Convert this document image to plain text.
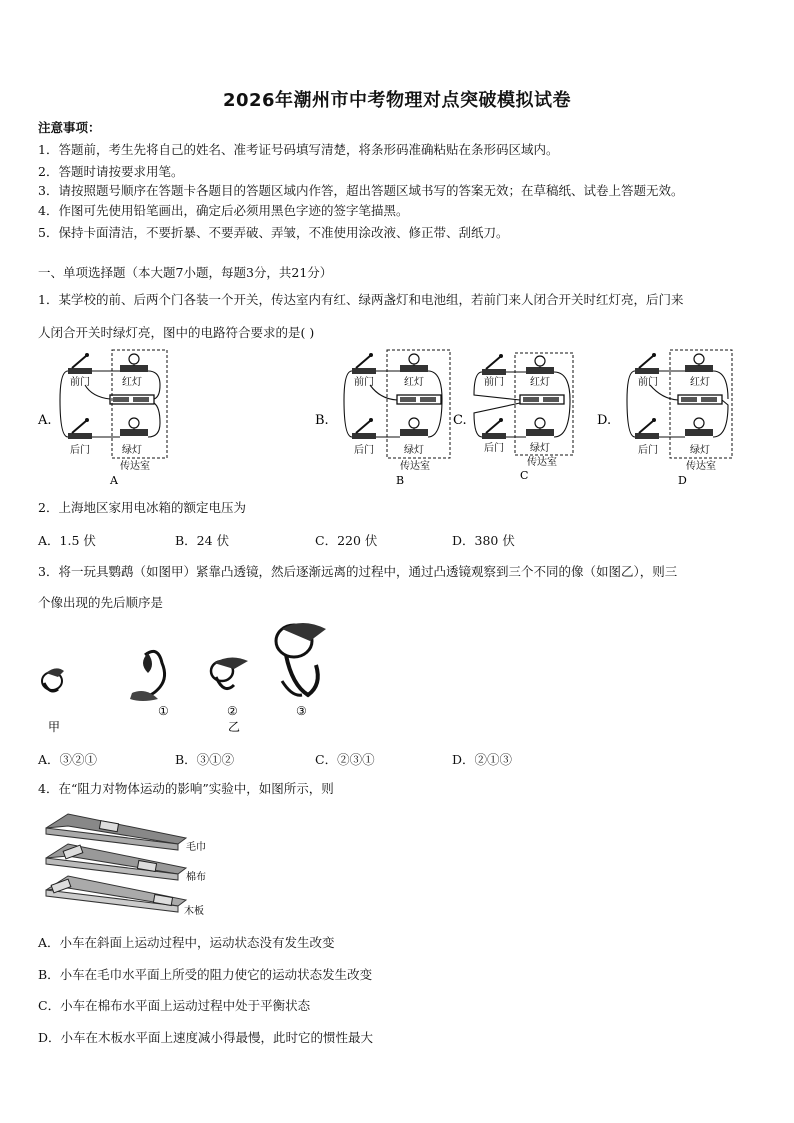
2026年潮州市中考物理对点突破模拟试卷
注意事项：
1．答题前，考生先将自己的姓名、准考证号码填写清楚，将条形码准确粘贴在条形码区域内。
2．答题时请按要求用笔。
3．请按照题号顺序在答题卡各题目的答题区域内作答，超出答题区域书写的答案无效；在草稿纸、试卷上答题无效。
4．作图可先使用铅笔画出，确定后必须用黑色字迹的签字笔描黑。
5．保持卡面清洁，不要折暴、不要弄破、弄皱，不准使用涂改液、修正带、刮纸刀。
一、单项选择题（本大题7小题，每题3分，共21分）
1．某学校的前、后两个门各装一个开关，传达室内有红、绿两盏灯和电池组，若前门来人闭合开关时红灯亮，后门来
人闭合开关时绿灯亮，图中的电路符合要求的是( )
A.
前门	红灯
后门	绿灯
传达室
A
B.
前门	红灯
后门	绿灯
传达室
B
C.
前门	红灯
后门	绿灯
传达室
C
D.
前门	红灯
后门	绿灯
传达室
D
2．上海地区家用电冰箱的额定电压为
A．1.5 伏	B．24 伏	C．220 伏	D．380 伏
3．将一玩具鹦鹉（如图甲）紧靠凸透镜，然后逐渐远离的过程中，通过凸透镜观察到三个不同的像（如图乙），则三
个像出现的先后顺序是
甲
①	②
乙
③
A．③②①	B．③①②	C．②③①	D．②①③
4．在“阻力对物体运动的影响”实验中，如图所示，则
毛巾
棉布
木板
A．小车在斜面上运动过程中，运动状态没有发生改变
B．小车在毛巾水平面上所受的阻力使它的运动状态发生改变
C．小车在棉布水平面上运动过程中处于平衡状态
D．小车在木板水平面上速度减小得最慢，此时它的惯性最大
